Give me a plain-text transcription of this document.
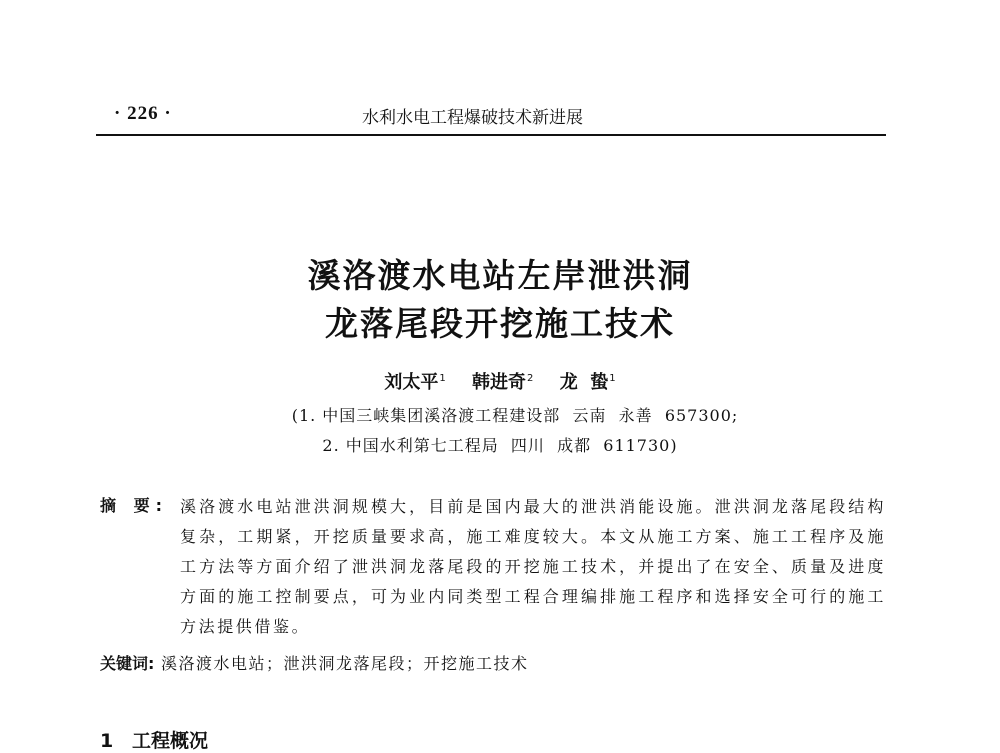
· 226 ·	水利水电工程爆破技术新进展
溪洛渡水电站左岸泄洪洞
龙落尾段开挖施工技术
刘太平$^1$ 韩进奇$^2$ 龙  蛰$^1$
(1. 中国三峡集团溪洛渡工程建设部  云南  永善  657300;
2. 中国水利第七工程局  四川  成都  611730)
摘 要: 溪洛渡水电站泄洪洞规模大，目前是国内最大的泄洪消能设施。泄洪洞龙落尾段结构复杂，工期紧，开挖质量要求高，施工难度较大。本文从施工方案、施工工程序及施工方法等方面介绍了泄洪洞龙落尾段的开挖施工技术，并提出了在安全、质量及进度方面的施工控制要点，可为业内同类型工程合理编排施工程序和选择安全可行的施工方法提供借鉴。

关键词: 溪洛渡水电站；泄洪洞龙落尾段；开挖施工技术
1 工程概况
